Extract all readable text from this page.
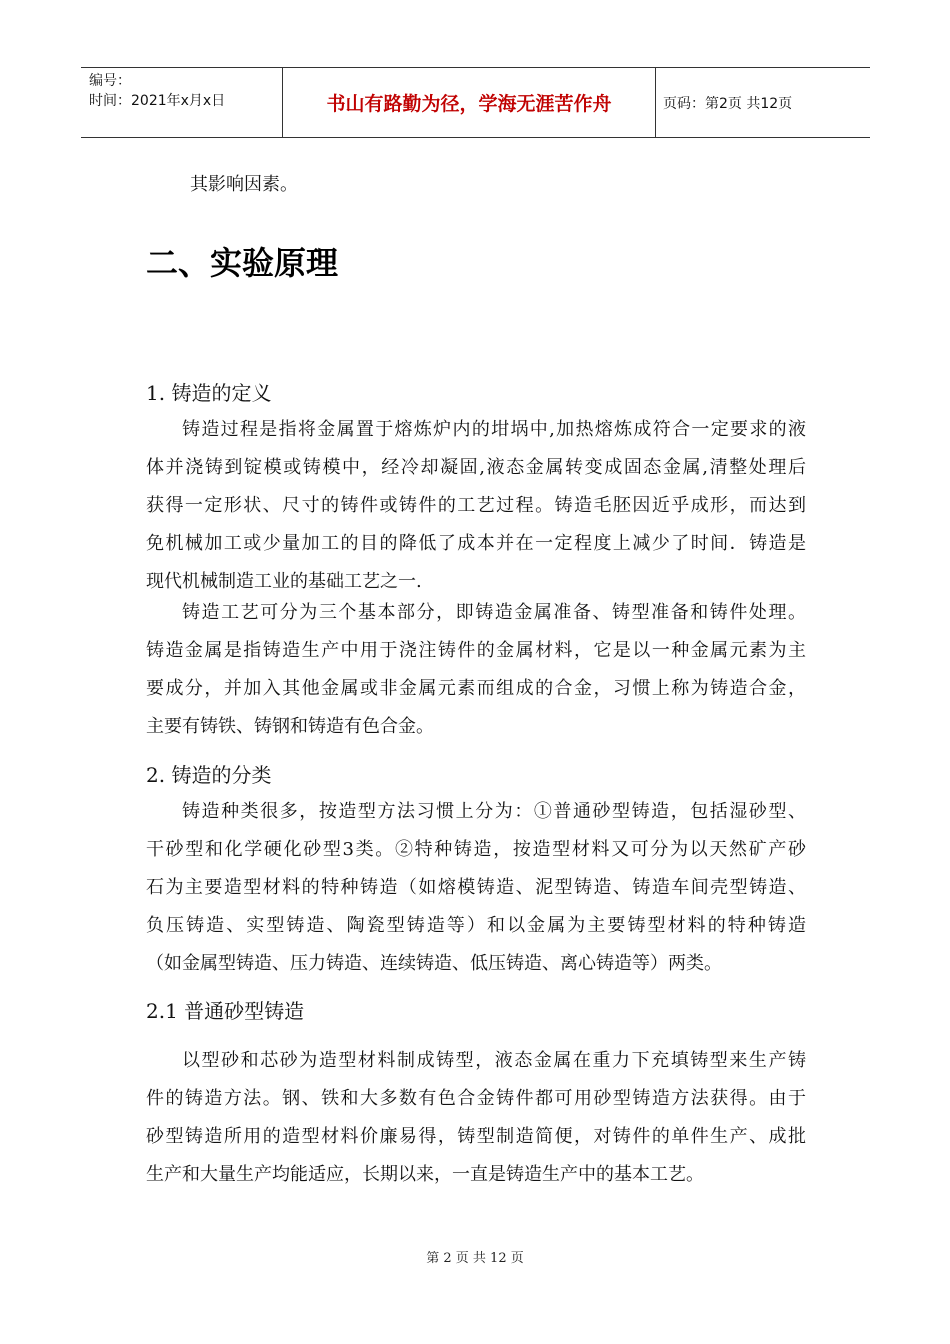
编号：
时间：2021年x月x日	书山有路勤为径，学海无涯苦作舟	页码：第2页 共12页
其影响因素。
二、实验原理
1. 铸造的定义
铸造过程是指将金属置于熔炼炉内的坩埚中,加热熔炼成符合一定要求的液
体并浇铸到锭模或铸模中，经冷却凝固,液态金属转变成固态金属,清整处理后
获得一定形状、尺寸的铸件或铸件的工艺过程。铸造毛胚因近乎成形，而达到
免机械加工或少量加工的目的降低了成本并在一定程度上减少了时间．铸造是
现代机械制造工业的基础工艺之一.
铸造工艺可分为三个基本部分，即铸造金属准备、铸型准备和铸件处理。
铸造金属是指铸造生产中用于浇注铸件的金属材料，它是以一种金属元素为主
要成分，并加入其他金属或非金属元素而组成的合金，习惯上称为铸造合金，
主要有铸铁、铸钢和铸造有色合金。
2. 铸造的分类
铸造种类很多，按造型方法习惯上分为：①普通砂型铸造，包括湿砂型、
干砂型和化学硬化砂型3类。②特种铸造，按造型材料又可分为以天然矿产砂
石为主要造型材料的特种铸造（如熔模铸造、泥型铸造、铸造车间壳型铸造、
负压铸造、实型铸造、陶瓷型铸造等）和以金属为主要铸型材料的特种铸造
（如金属型铸造、压力铸造、连续铸造、低压铸造、离心铸造等）两类。
2.1 普通砂型铸造
以型砂和芯砂为造型材料制成铸型，液态金属在重力下充填铸型来生产铸
件的铸造方法。钢、铁和大多数有色合金铸件都可用砂型铸造方法获得。由于
砂型铸造所用的造型材料价廉易得，铸型制造简便，对铸件的单件生产、成批
生产和大量生产均能适应，长期以来，一直是铸造生产中的基本工艺。
第 2 页 共 12 页
